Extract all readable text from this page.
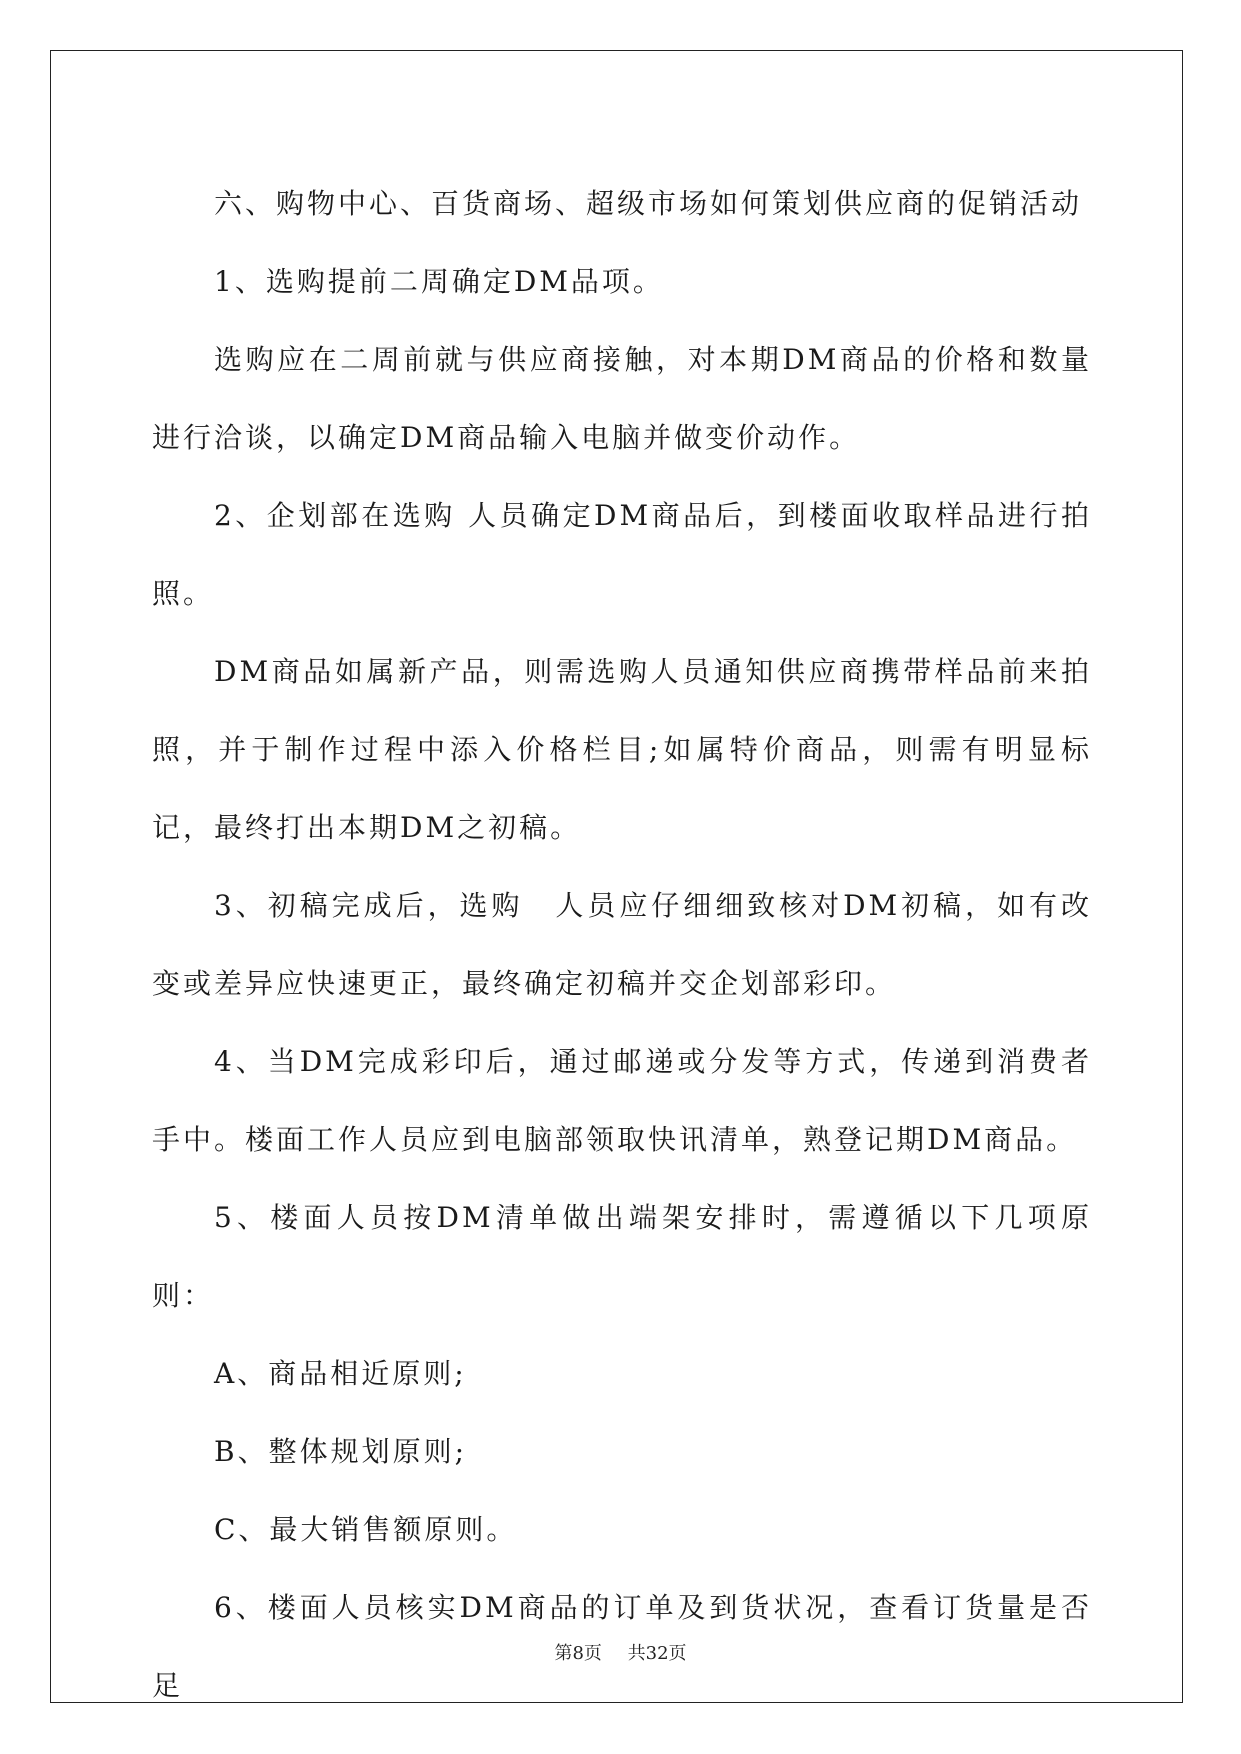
六、购物中心、百货商场、超级市场如何策划供应商的促销活动

1、选购提前二周确定DM品项。

选购应在二周前就与供应商接触，对本期DM商品的价格和数量进行洽谈，以确定DM商品输入电脑并做变价动作。

2、企划部在选购 人员确定DM商品后，到楼面收取样品进行拍照。

DM商品如属新产品，则需选购人员通知供应商携带样品前来拍照，并于制作过程中添入价格栏目;如属特价商品，则需有明显标记，最终打出本期DM之初稿。

3、初稿完成后，选购　人员应仔细细致核对DM初稿，如有改变或差异应快速更正，最终确定初稿并交企划部彩印。

4、当DM完成彩印后，通过邮递或分发等方式，传递到消费者手中。楼面工作人员应到电脑部领取快讯清单，熟登记期DM商品。

5、楼面人员按DM清单做出端架安排时，需遵循以下几项原则：

A、商品相近原则;

B、整体规划原则;

C、最大销售额原则。

6、楼面人员核实DM商品的订单及到货状况，查看订货量是否足

第8页 共32页
